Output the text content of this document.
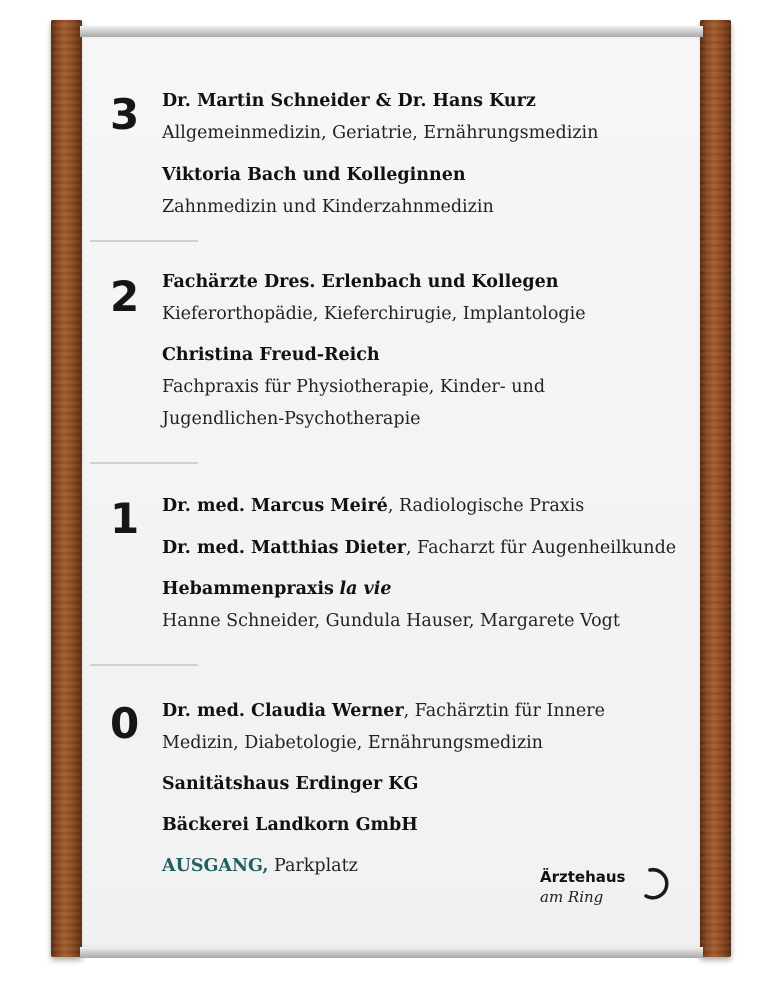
3 Dr. Martin Schneider & Dr. Hans Kurz
Allgemeinmedizin, Geriatrie, Ernährungsmedizin
Viktoria Bach und Kolleginnen
Zahnmedizin und Kinderzahnmedizin
2 Fachärzte Dres. Erlenbach und Kollegen
Kieferorthopädie, Kieferchirugie, Implantologie
Christina Freud-Reich
Fachpraxis für Physiotherapie, Kinder- und
Jugendlichen-Psychotherapie
1 Dr. med. Marcus Meiré, Radiologische Praxis
Dr. med. Matthias Dieter, Facharzt für Augenheilkunde
Hebammenpraxis la vie
Hanne Schneider, Gundula Hauser, Margarete Vogt
0 Dr. med. Claudia Werner, Fachärztin für Innere
Medizin, Diabetologie, Ernährungsmedizin
Sanitätshaus Erdinger KG
Bäckerei Landkorn GmbH
AUSGANG, Parkplatz
Ärztehaus
am Ring
